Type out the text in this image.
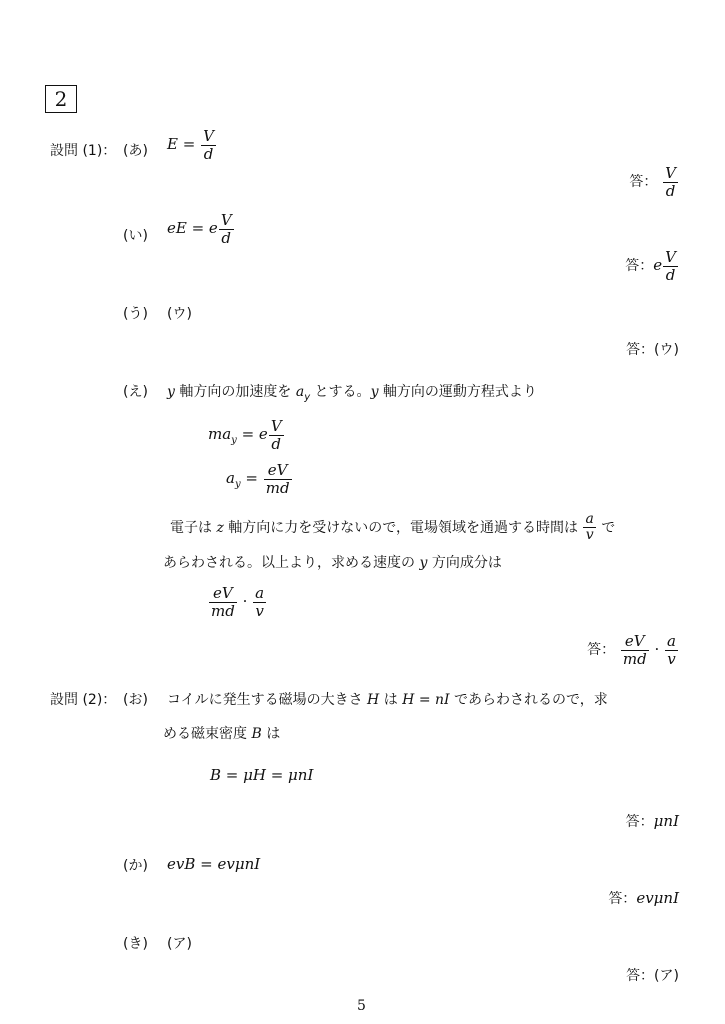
2
設問 (1)： (あ) $E = \frac{V}{d}$
答： $\frac{V}{d}$
(い) eE = e $\frac{V}{d}$
答：e $\frac{V}{d}$
(う) (ウ)
答：(ウ)
(え) y 軸方向の加速度を $a_y$ とする。y 軸方向の運動方程式より
$ma_y = e \frac{V}{d}$
$a_y = \frac{eV}{md}$
電子は z 軸方向に力を受けないので，電場領域を通過する時間は $\frac{a}{v}$ で
あらわされる。以上より，求める速度の y 方向成分は
$\frac{eV}{md} \cdot \frac{a}{v}$
答： $\frac{eV}{md} \cdot \frac{a}{v}$
設問 (2)： (お) コイルに発生する磁場の大きさ H は H = nI であらわされるので，求
める磁束密度 B は
B = μH = μnI
答：μnI
(か) evB = evμnI
答：evμnI
(き) (ア)
答：(ア)
5
